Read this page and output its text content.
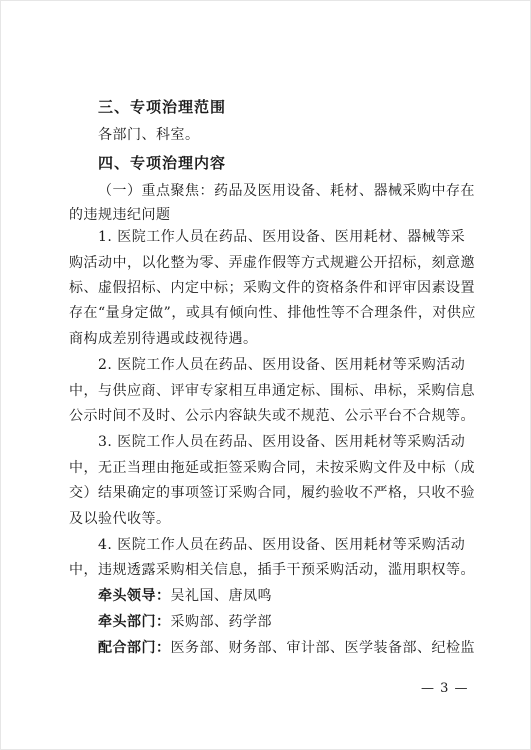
三、专项治理范围
各部门、科室。
四、专项治理内容
（一）重点聚焦：药品及医用设备、耗材、器械采购中存在
的违规违纪问题
1. 医院工作人员在药品、医用设备、医用耗材、器械等采
购活动中，以化整为零、弄虚作假等方式规避公开招标，刻意邀
标、虚假招标、内定中标；采购文件的资格条件和评审因素设置
存在“量身定做”，或具有倾向性、排他性等不合理条件，对供应
商构成差别待遇或歧视待遇。
2. 医院工作人员在药品、医用设备、医用耗材等采购活动
中，与供应商、评审专家相互串通定标、围标、串标，采购信息
公示时间不及时、公示内容缺失或不规范、公示平台不合规等。
3. 医院工作人员在药品、医用设备、医用耗材等采购活动
中，无正当理由拖延或拒签采购合同，未按采购文件及中标（成
交）结果确定的事项签订采购合同，履约验收不严格，只收不验
及以验代收等。
4. 医院工作人员在药品、医用设备、医用耗材等采购活动
中，违规透露采购相关信息，插手干预采购活动，滥用职权等。
牵头领导：吴礼国、唐凤鸣
牵头部门：采购部、药学部
配合部门：医务部、财务部、审计部、医学装备部、纪检监
— 3 —
